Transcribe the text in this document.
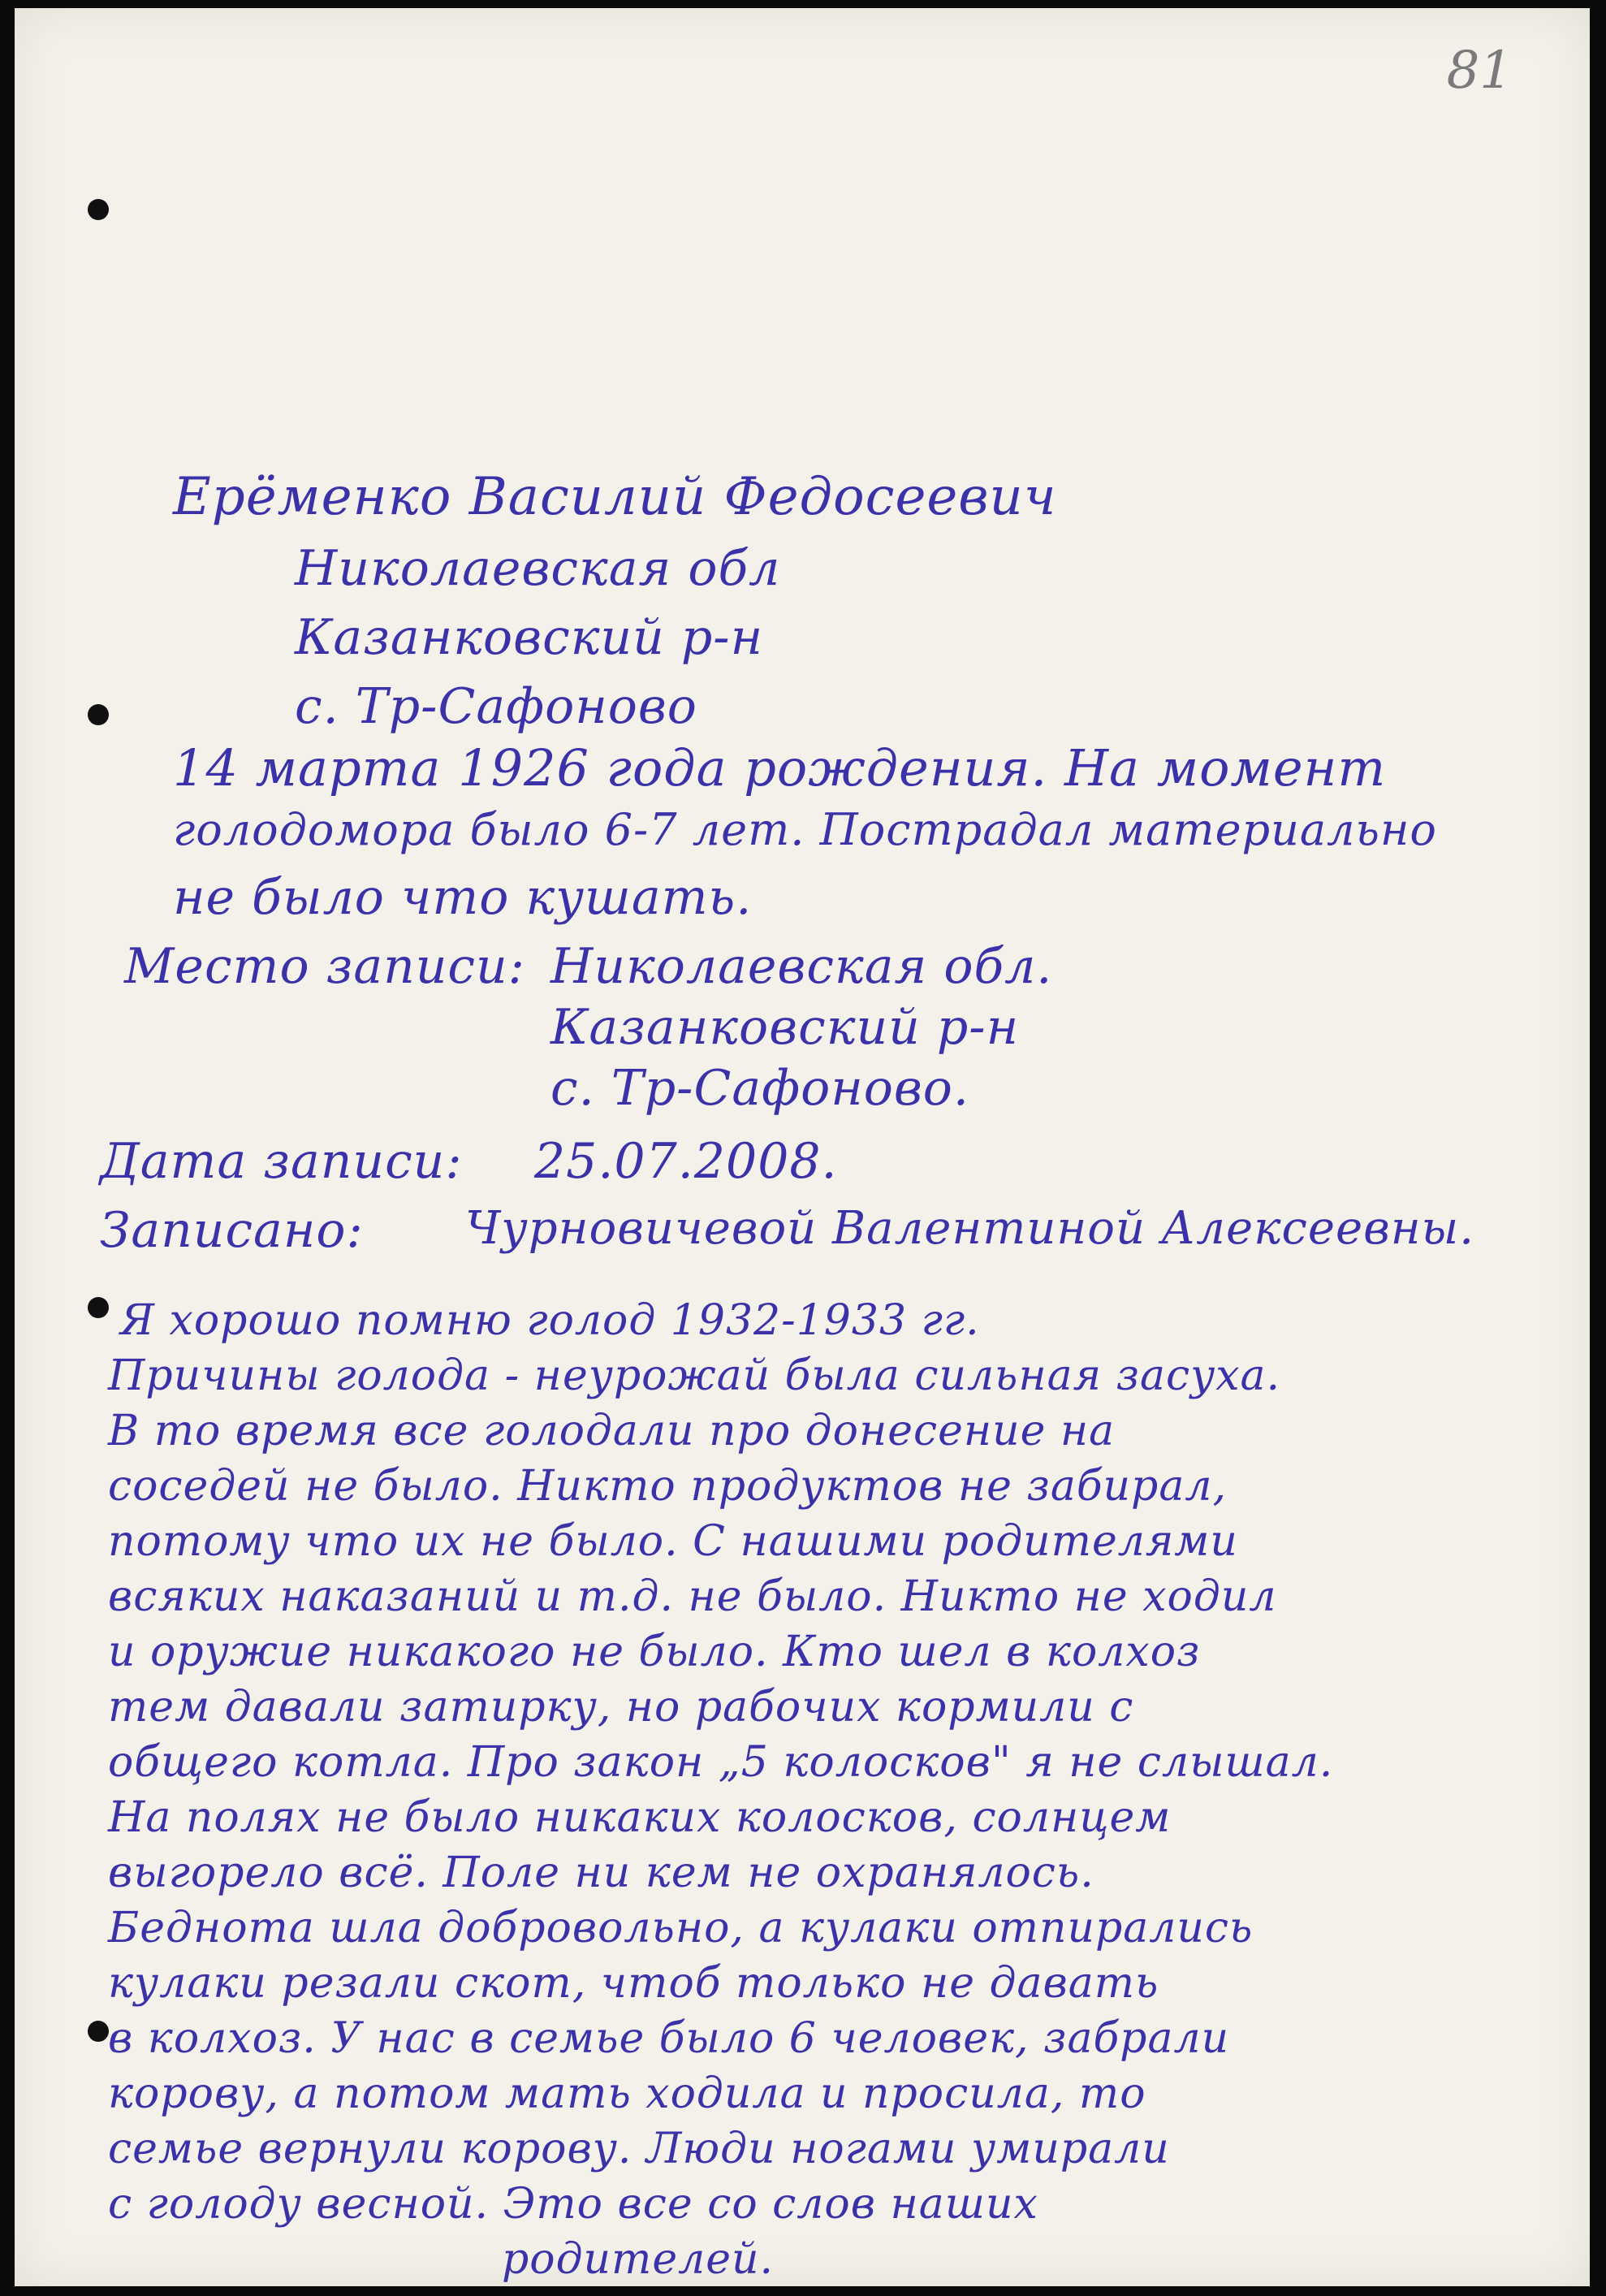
81
Ерёменко Василий Федосеевич
Николаевская обл
Казанковский р-н
с. Тр-Сафоново
14 марта 1926 года рождения. На момент
голодомора было 6-7 лет. Пострадал материально
не было что кушать.
Место записи: Николаевская обл.
Казанковский р-н
с. Тр-Сафоново.
Дата записи: 25.07.2008.
Записано: Чурновичевой Валентиной Алексеевны.
Я хорошо помню голод 1932-1933 гг.
Причины голода - неурожай была сильная засуха.
В то время все голодали про донесение на
соседей не было. Никто продуктов не забирал,
потому что их не было. С нашими родителями
всяких наказаний и т.д. не было. Никто не ходил
и оружие никакого не было. Кто шел в колхоз
тем давали затирку, но рабочих кормили с
общего котла. Про закон „5 колосков" я не слышал.
На полях не было никаких колосков, солнцем
выгорело всё. Поле ни кем не охранялось.
Беднота шла добровольно, а кулаки отпирались
кулаки резали скот, чтоб только не давать
в колхоз. У нас в семье было 6 человек, забрали
корову, а потом мать ходила и просила, то
семье вернули корову. Люди ногами умирали
с голоду весной. Это все со слов наших
родителей.
